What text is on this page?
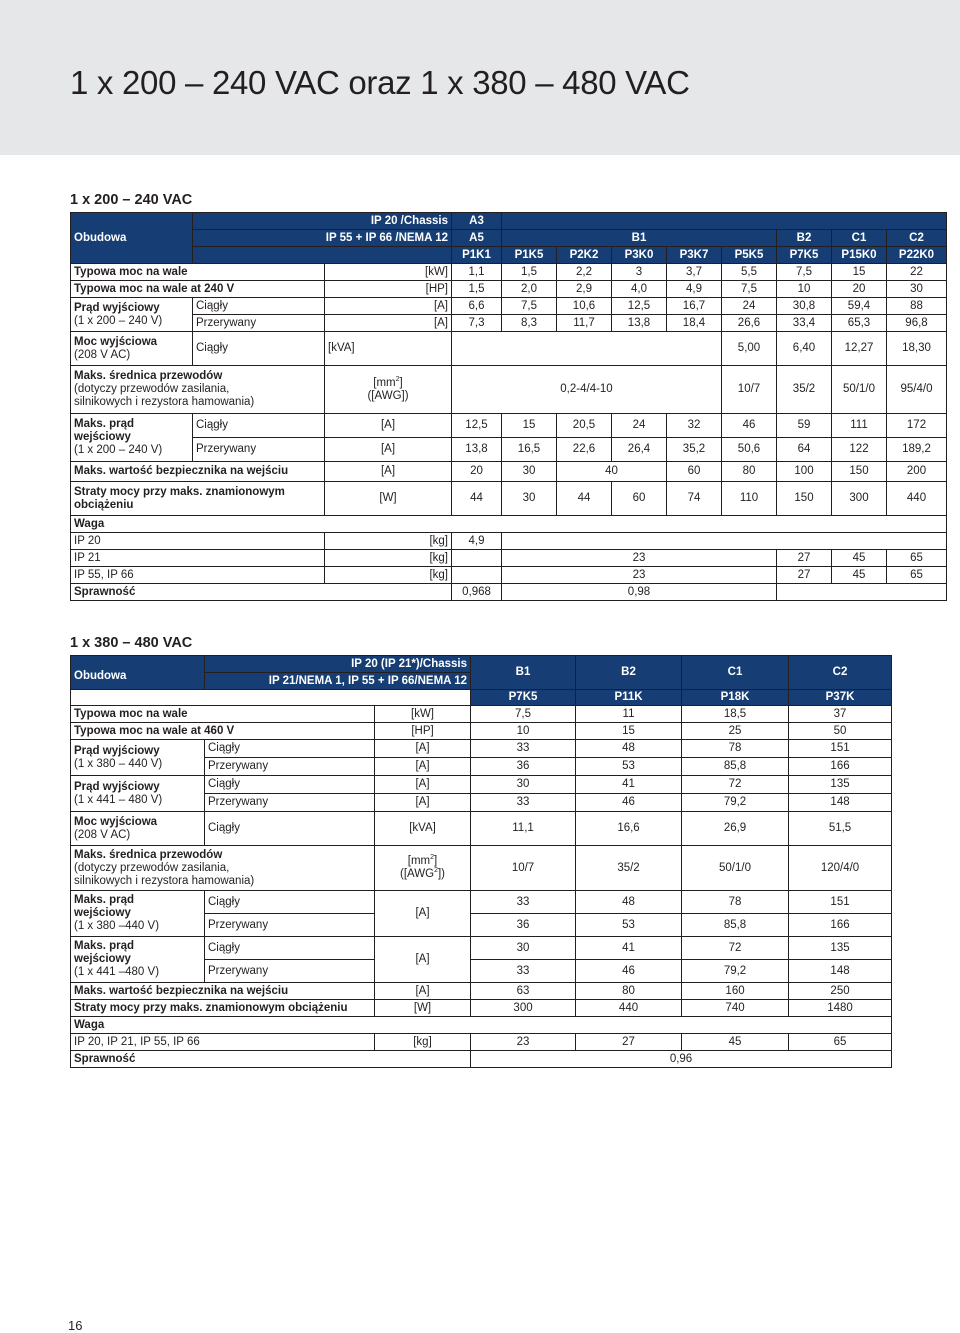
1 x 200 – 240 VAC oraz 1 x 380 – 480 VAC
1 x 200 – 240 VAC
Obudowa	IP 20 /Chassis		A3								
	IP 55 + IP 66 /NEMA 12		A5	B1					B2	C1	C2
			P1K1	P1K5	P2K2	P3K0	P3K7	P5K5	P7K5	P15K0	P22K0
Typowa moc na wale		[kW]	1,1	1,5	2,2	3	3,7	5,5	7,5	15	22
Typowa moc na wale at 240 V		[HP]	1,5	2,0	2,9	4,0	4,9	7,5	10	20	30
Prąd wyjściowy
(1 x 200 – 240 V)	Ciągły	[A]	6,6	7,5	10,6	12,5	16,7	24	30,8	59,4	88
	Przerywany	[A]	7,3	8,3	11,7	13,8	18,4	26,6	33,4	65,3	96,8
Moc wyjściowa
(208 V AC)	Ciągły	[kVA]						5,00	6,40	12,27	18,30
Maks. średnica przewodów
(dotyczy przewodów zasilania,
silnikowych i rezystora hamowania)		$[mm^2]$
([AWG])	0,2-4/4-10					10/7	35/2	50/1/0	95/4/0

Maks. prąd wejściowy
(1 x 200 – 240 V)	Ciągły	[A]	12,5	15	20,5	24	32	46	59	111	172
	Przerywany	[A]	13,8	16,5	22,6	26,4	35,2	50,6	64	122	189,2
Maks. wartość bezpiecznika na wejściu		[A]	20	30	40		60	80	100	150	200
Straty mocy przy maks. znamionowym obciążeniu		[W]	44	30	44	60	74	110	150	300	440
Waga											
IP 20		[kg]	4,9								
IP 21		[kg]		23					27	45	65
IP 55, IP 66		[kg]		23					27	45	65
Sprawność			0,968	0,98							
1 x 380 – 480 VAC
Obudowa	IP 20 (IP 21*)/Chassis		B1	B2	C1	C2
	IP 21/NEMA 1, IP 55 + IP 66/NEMA 12					
			P7K5	P11K	P18K	P37K
Typowa moc na wale		[kW]	7,5	11	18,5	37
Typowa moc na wale at 460 V		[HP]	10	15	25	50
Prąd wyjściowy
(1 x 380 – 440 V)	Ciągły	[A]	33	48	78	151
	Przerywany	[A]	36	53	85,8	166
Prąd wyjściowy
(1 x 441 – 480 V)	Ciągły	[A]	30	41	72	135
	Przerywany	[A]	33	46	79,2	148
Moc wyjściowa
(208 V AC)	Ciągły	[kVA]	11,1	16,6	26,9	51,5
Maks. średnica przewodów
(dotyczy przewodów zasilania,
silnikowych i rezystora hamowania)		$[mm^2]$
([AWG$^2$])	10/7	35/2	50/1/0	120/4/0

Maks. prąd
wejściowy
(1 x 380 –440 V)	Ciągły	[A]	33	48	78	151
	Przerywany		36	53	85,8	166

Maks. prąd
wejściowy
(1 x 441 –480 V)	Ciągły	[A]	30	41	72	135
	Przerywany		33	46	79,2	148
Maks. wartość bezpiecznika na wejściu		[A]	63	80	160	250
Straty mocy przy maks. znamionowym obciążeniu		[W]	300	440	740	1480
Waga						
IP 20, IP 21, IP 55, IP 66		[kg]	23	27	45	65
Sprawność			0,96			
16
